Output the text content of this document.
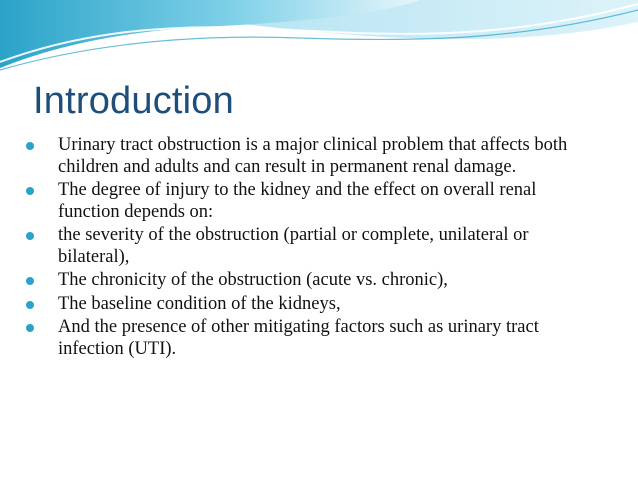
Introduction
Urinary tract obstruction is a major clinical problem that affects both children and adults and can result in permanent renal damage.
The degree of injury to the kidney and the effect on overall renal function depends on:
the severity of the obstruction (partial or complete, unilateral or bilateral),
The chronicity of the obstruction (acute vs. chronic),
The baseline condition of the kidneys,
And the presence of other mitigating factors such as urinary tract infection (UTI).
